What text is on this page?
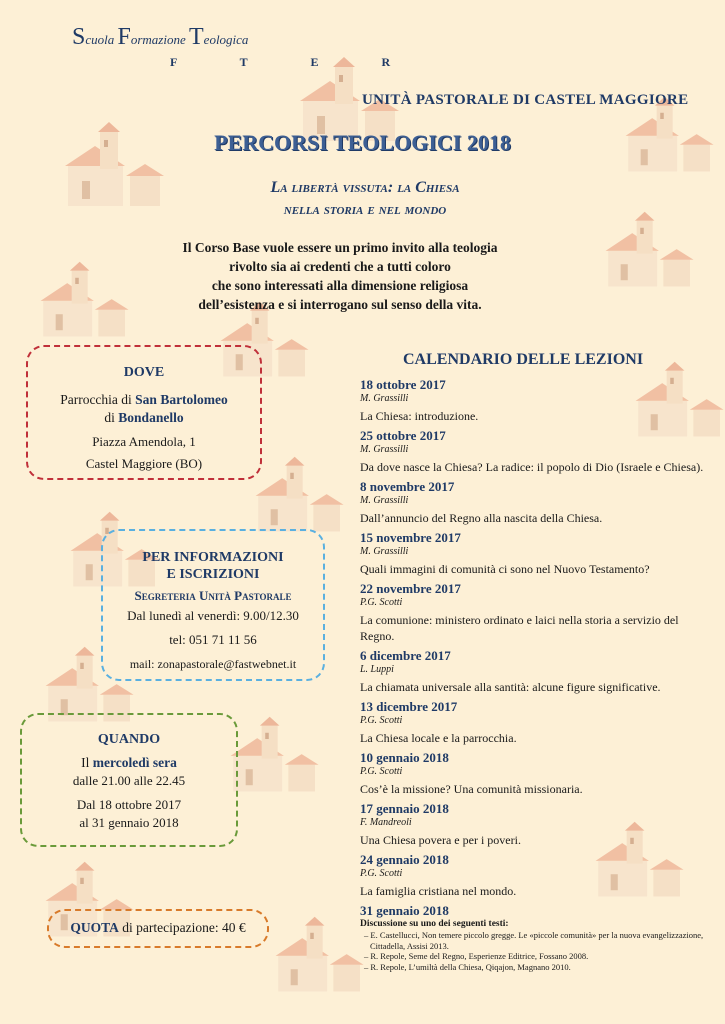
Scuola Formazione Teologica
F T E R
UNITÀ PASTORALE DI CASTEL MAGGIORE
PERCORSI TEOLOGICI 2018
La libertà vissuta: la Chiesa
nella storia e nel mondo
Il Corso Base vuole essere un primo invito alla teologia
rivolto sia ai credenti che a tutti coloro
che sono interessati alla dimensione religiosa
dell’esistenza e si interrogano sul senso della vita.
DOVE

Parrocchia di San Bartolomeo

di Bondanello

Piazza Amendola, 1

Castel Maggiore (BO)

PER INFORMAZIONI
E ISCRIZIONI

Segreteria Unità Pastorale

Dal lunedì al venerdì: 9.00/12.30

tel: 051 71 11 56

mail: zonapastorale@fastwebnet.it

QUANDO

Il mercoledì sera

dalle 21.00 alle 22.45

Dal 18 ottobre 2017

al 31 gennaio 2018

QUOTA di partecipazione: 40 €

CALENDARIO DELLE LEZIONI
18 ottobre 2017
M. Grassilli
La Chiesa: introduzione.
25 ottobre 2017
M. Grassilli
Da dove nasce la Chiesa? La radice: il popolo di Dio (Israele e Chiesa).
8 novembre 2017
M. Grassilli
Dall’annuncio del Regno alla nascita della Chiesa.
15 novembre 2017
M. Grassilli
Quali immagini di comunità ci sono nel Nuovo Testamento?
22 novembre 2017
P.G. Scotti
La comunione: ministero ordinato e laici nella storia a servizio del Regno.
6 dicembre 2017
L. Luppi
La chiamata universale alla santità: alcune figure significative.
13 dicembre 2017
P.G. Scotti
La Chiesa locale e la parrocchia.
10 gennaio 2018
P.G. Scotti
Cos’è la missione? Una comunità missionaria.
17 gennaio 2018
F. Mandreoli
Una Chiesa povera e per i poveri.
24 gennaio 2018
P.G. Scotti
La famiglia cristiana nel mondo.
31 gennaio 2018
Discussione su uno dei seguenti testi:
– E. Castellucci, Non temere piccolo gregge. Le «piccole comunità» per la nuova evangelizzazione, Cittadella, Assisi 2013.
– R. Repole, Seme del Regno, Esperienze Editrice, Fossano 2008.
– R. Repole, L’umiltà della Chiesa, Qiqajon, Magnano 2010.
